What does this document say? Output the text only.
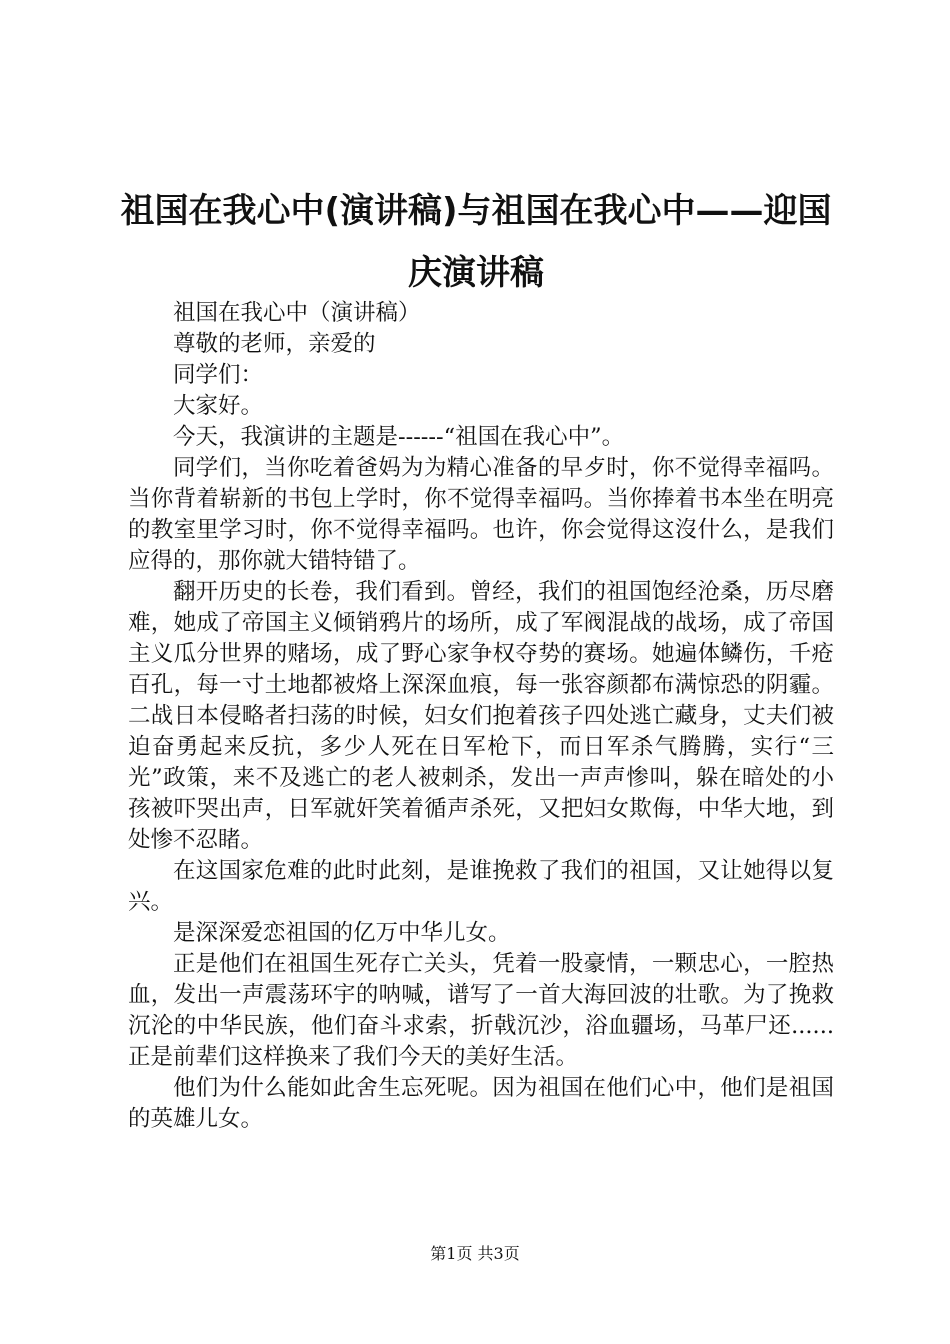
祖国在我心中(演讲稿)与祖国在我心中——迎国庆演讲稿

祖国在我心中（演讲稿）

尊敬的老师，亲爱的

同学们：

大家好。

今天，我演讲的主题是------“祖国在我心中”。

同学们，当你吃着爸妈为为精心准备的早歺时，你不觉得幸福吗。当你背着崭新的书包上学时，你不觉得幸福吗。当你捧着书本坐在明亮的教室里学习时，你不觉得幸福吗。也许，你会觉得这沒什么，是我们应得的，那你就大错特错了。

翻开历史的长卷，我们看到。曾经，我们的祖国饱经沧桑，历尽磨难，她成了帝国主义倾销鸦片的场所，成了军阀混战的战场，成了帝国主义瓜分世界的赌场，成了野心家争权夺势的赛场。她遍体鳞伤，千疮百孔，每一寸土地都被烙上深深血痕，每一张容颜都布满惊恐的阴霾。二战日本侵略者扫荡的时候，妇女们抱着孩子四处逃亡藏身，丈夫们被迫奋勇起来反抗，多少人死在日军枪下，而日军杀气腾腾，实行“三光”政策，来不及逃亡的老人被刺杀，发出一声声惨叫，躲在暗处的小孩被吓哭出声，日军就奸笑着循声杀死，又把妇女欺侮，中华大地，到处惨不忍睹。

在这国家危难的此时此刻，是谁挽救了我们的祖国，又让她得以复兴。

是深深爱恋祖国的亿万中华儿女。

正是他们在祖国生死存亡关头，凭着一股豪情，一颗忠心，一腔热血，发出一声震荡环宇的呐喊，谱写了一首大海回波的壮歌。为了挽救沉沦的中华民族，他们奋斗求索，折戟沉沙，浴血疆场，马革尸还......正是前辈们这样换来了我们今天的美好生活。

他们为什么能如此舍生忘死呢。因为祖国在他们心中，他们是祖国的英雄儿女。

第1页 共3页
